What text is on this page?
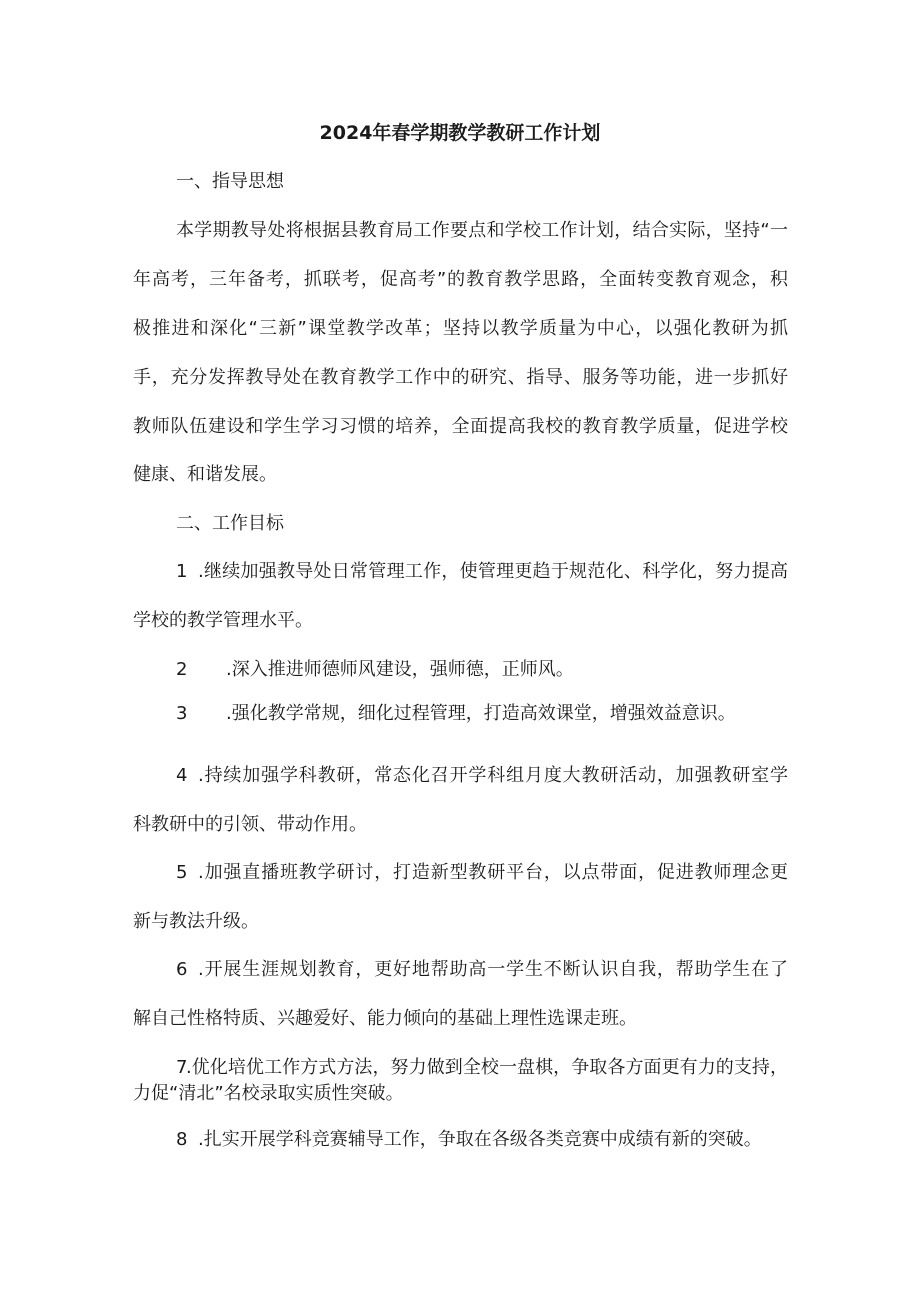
2024年春学期教学教研工作计划

一、指导思想

本学期教导处将根据县教育局工作要点和学校工作计划，结合实际，坚持“一

年高考，三年备考，抓联考，促高考”的教育教学思路，全面转变教育观念，积

极推进和深化“三新”课堂教学改革；坚持以教学质量为中心，以强化教研为抓

手，充分发挥教导处在教育教学工作中的研究、指导、服务等功能，进一步抓好

教师队伍建设和学生学习习惯的培养，全面提高我校的教育教学质量，促进学校

健康、和谐发展。

二、工作目标

1 .继续加强教导处日常管理工作，使管理更趋于规范化、科学化，努力提高

学校的教学管理水平。

2 .深入推进师德师风建设，强师德，正师风。

3 .强化教学常规，细化过程管理，打造高效课堂，增强效益意识。

4 .持续加强学科教研，常态化召开学科组月度大教研活动，加强教研室学

科教研中的引领、带动作用。

5 .加强直播班教学研讨，打造新型教研平台，以点带面，促进教师理念更

新与教法升级。

6 .开展生涯规划教育，更好地帮助高一学生不断认识自我，帮助学生在了

解自己性格特质、兴趣爱好、能力倾向的基础上理性选课走班。

7

.优化培优工作方式方法，努力做到全校一盘棋，争取各方面更有力的支持，

力促“清北”名校录取实质性突破。

8 .扎实开展学科竞赛辅导工作，争取在各级各类竞赛中成绩有新的突破。
